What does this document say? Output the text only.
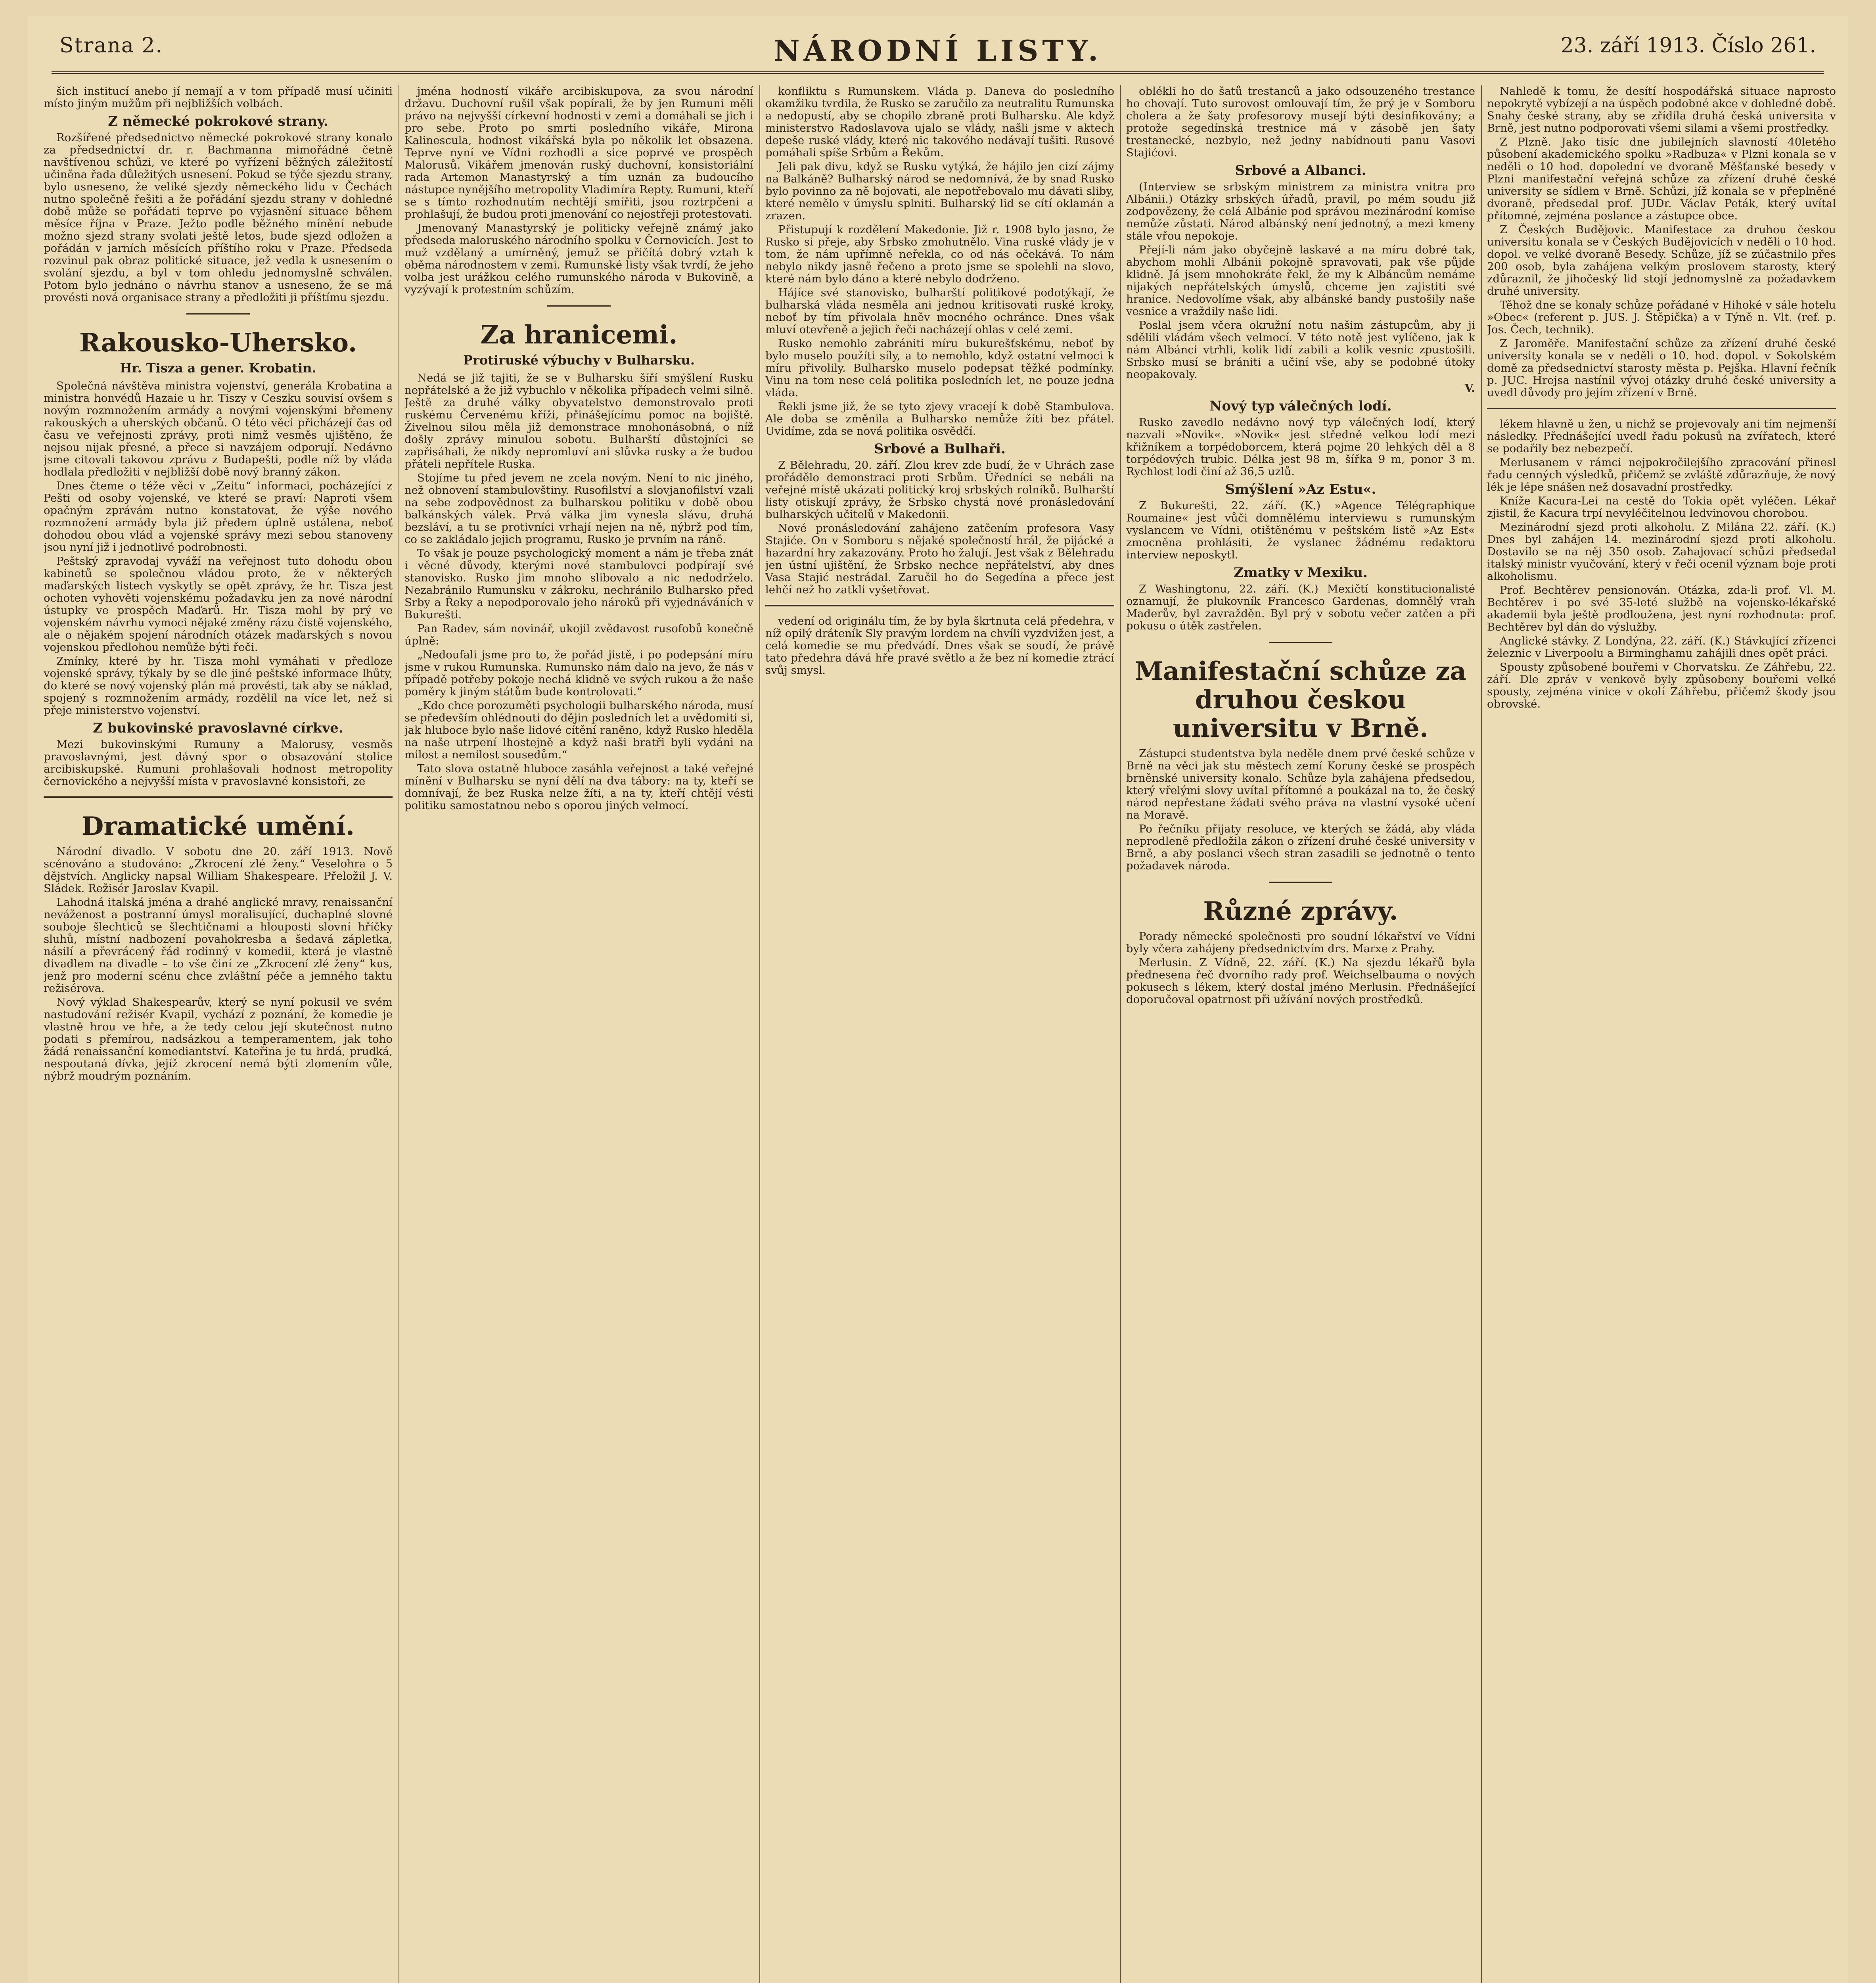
Strana 2.	NÁRODNÍ LISTY.	23. září 1913. Číslo 261.

šich institucí anebo jí nemají a v tom případě musí učiniti místo jiným mužům při nejbližších volbách.

Z německé pokrokové strany.

Rozšířené předsednictvo německé pokrokové strany konalo za předsednictví dr. r. Bachmanna mimořádné četně navštívenou schůzi, ve které po vyřízení běžných záležitostí učiněna řada důležitých usnesení. Pokud se týče sjezdu strany, bylo usneseno, že veliké sjezdy německého lidu v Čechách nutno společně řešiti a že pořádání sjezdu strany v dohledné době může se pořádati teprve po vyjasnění situace během měsíce října v Praze. Ježto podle běžného mínění nebude možno sjezd strany svolati ještě letos, bude sjezd odložen a pořádán v jarních měsících příštího roku v Praze. Předseda rozvinul pak obraz politické situace, jež vedla k usnesením o svolání sjezdu, a byl v tom ohledu jednomyslně schválen. Potom bylo jednáno o návrhu stanov a usneseno, že se má provésti nová organisace strany a předložiti ji příštímu sjezdu.

Rakousko-Uhersko.
Hr. Tisza a gener. Krobatin.

Společná návštěva ministra vojenství, generála Krobatina a ministra honvédů Hazaie u hr. Tiszy v Ceszku souvisí ovšem s novým rozmnožením armády a novými vojenskými břemeny rakouských a uherských občanů. O této věci přicházejí čas od času ve veřejnosti zprávy, proti nimž vesměs ujištěno, že nejsou nijak přesné, a přece si navzájem odporují. Nedávno jsme citovali takovou zprávu z Budapešti, podle níž by vláda hodlala předložiti v nejbližší době nový branný zákon.

Dnes čteme o téže věci v „Zeitu“ informaci, pocházející z Pešti od osoby vojenské, ve které se praví: Naproti všem opačným zprávám nutno konstatovat, že výše nového rozmnožení armády byla již předem úplně ustálena, neboť dohodou obou vlád a vojenské správy mezi sebou stanoveny jsou nyní již i jednotlivé podrobnosti.

Peštský zpravodaj vyváží na veřejnost tuto dohodu obou kabinetů se společnou vládou proto, že v některých maďarských listech vyskytly se opět zprávy, že hr. Tisza jest ochoten vyhověti vojenskému požadavku jen za nové národní ústupky ve prospěch Maďarů. Hr. Tisza mohl by prý ve vojenském návrhu vymoci nějaké změny rázu čistě vojenského, ale o nějakém spojení národních otázek maďarských s novou vojenskou předlohou nemůže býti řeči.

Zmínky, které by hr. Tisza mohl vymáhati v předloze vojenské správy, týkaly by se dle jiné peštské informace lhůty, do které se nový vojenský plán má provésti, tak aby se náklad, spojený s rozmnožením armády, rozdělil na více let, než si přeje ministerstvo vojenství.

Z bukovinské pravoslavné církve.

Mezi bukovinskými Rumuny a Malorusy, vesměs pravoslavnými, jest dávný spor o obsazování stolice arcibiskupské. Rumuni prohlašovali hodnost metropolity černovického a nejvyšší místa v pravoslavné konsistoři, ze

Dramatické umění.

Národní divadlo. V sobotu dne 20. září 1913. Nově scénováno a studováno: „Zkrocení zlé ženy.“ Veselohra o 5 dějstvích. Anglicky napsal William Shakespeare. Přeložil J. V. Sládek. Režisér Jaroslav Kvapil.

Lahodná italská jména a drahé anglické mravy, renaissanční neváženost a postranní úmysl moralisující, duchaplné slovné souboje šlechticů se šlechtičnami a hlouposti slovní hříčky sluhů, místní nadbození povahokresba a šedavá zápletka, násilí a převrácený řád rodinný v komedii, která je vlastně divadlem na divadle – to vše činí ze „Zkrocení zlé ženy“ kus, jenž pro moderní scénu chce zvláštní péče a jemného taktu režisérova.

Nový výklad Shakespearův, který se nyní pokusil ve svém nastudování režisér Kvapil, vychází z poznání, že komedie je vlastně hrou ve hře, a že tedy celou její skutečnost nutno podati s přemírou, nadsázkou a temperamentem, jak toho žádá renaissanční komediantství. Kateřina je tu hrdá, prudká, nespoutaná dívka, jejíž zkrocení nemá býti zlomením vůle, nýbrž moudrým poznáním.

jména hodností vikáře arcibiskupova, za svou národní državu. Duchovní rušil však popírali, že by jen Rumuni měli právo na nejvyšší církevní hodnosti v zemi a domáhali se jich i pro sebe. Proto po smrti posledního vikáře, Mirona Kalinescula, hodnost vikářská byla po několik let obsazena. Teprve nyní ve Vídni rozhodli a sice poprvé ve prospěch Malorusů. Vikářem jmenován ruský duchovní, konsistoriální rada Artemon Manastyrský a tím uznán za budoucího nástupce nynějšího metropolity Vladimíra Repty. Rumuni, kteří se s tímto rozhodnutím nechtějí smířiti, jsou roztrpčeni a prohlašují, že budou proti jmenování co nejostřeji protestovati.

Jmenovaný Manastyrský je politicky veřejně známý jako předseda maloruského národního spolku v Černovicích. Jest to muž vzdělaný a umírněný, jemuž se přičítá dobrý vztah k oběma národnostem v zemi. Rumunské listy však tvrdí, že jeho volba jest urážkou celého rumunského národa v Bukovině, a vyzývají k protestním schůzím.

Za hranicemi.
Protiruské výbuchy v Bulharsku.

Nedá se již tajiti, že se v Bulharsku šíří smýšlení Rusku nepřátelské a že již vybuchlo v několika případech velmi silně. Ještě za druhé války obyvatelstvo demonstrovalo proti ruskému Červenému kříži, přinášejícímu pomoc na bojiště. Živelnou silou měla již demonstrace mnohonásobná, o níž došly zprávy minulou sobotu. Bulharští důstojníci se zapřisáhali, že nikdy nepromluví ani slůvka rusky a že budou přáteli nepřítele Ruska.

Stojíme tu před jevem ne zcela novým. Není to nic jiného, než obnovení stambulovštiny. Rusofilství a slovjanofilství vzali na sebe zodpovědnost za bulharskou politiku v době obou balkánských válek. Prvá válka jim vynesla slávu, druhá bezsláví, a tu se protivníci vrhají nejen na ně, nýbrž pod tím, co se zakládalo jejich programu, Rusko je prvním na ráně.

To však je pouze psychologický moment a nám je třeba znát i věcné důvody, kterými nové stambulovci podpírají své stanovisko. Rusko jim mnoho slibovalo a nic nedodrželo. Nezabránilo Rumunsku v zákroku, nechránilo Bulharsko před Srby a Řeky a nepodporovalo jeho nároků při vyjednáváních v Bukurešti.

Pan Radev, sám novinář, ukojil zvědavost rusofobů konečně úplně:

„Nedoufali jsme pro to, že pořád jistě, i po podepsání míru jsme v rukou Rumunska. Rumunsko nám dalo na jevo, že nás v případě potřeby pokoje nechá klidně ve svých rukou a že naše poměry k jiným státům bude kontrolovati.“

„Kdo chce porozuměti psychologii bulharského národa, musí se především ohlédnouti do dějin posledních let a uvědomiti si, jak hluboce bylo naše lidové cítění raněno, když Rusko hleděla na naše utrpení lhostejně a když naši bratři byli vydáni na milost a nemilost sousedům.“

Tato slova ostatně hluboce zasáhla veřejnost a také veřejné mínění v Bulharsku se nyní dělí na dva tábory: na ty, kteří se domnívají, že bez Ruska nelze žíti, a na ty, kteří chtějí vésti politiku samostatnou nebo s oporou jiných velmocí.

konfliktu s Rumunskem. Vláda p. Daneva do posledního okamžiku tvrdila, že Rusko se zaručilo za neutralitu Rumunska a nedopustí, aby se chopilo zbraně proti Bulharsku. Ale když ministerstvo Radoslavova ujalo se vlády, našli jsme v aktech depeše ruské vlády, které nic takového nedávají tušiti. Rusové pomáhali spíše Srbům a Řekům.

Jeli pak divu, když se Rusku vytýká, že hájilo jen cizí zájmy na Balkáně? Bulharský národ se nedomnívá, že by snad Rusko bylo povinno za ně bojovati, ale nepotřebovalo mu dávati sliby, které nemělo v úmyslu splniti. Bulharský lid se cítí oklamán a zrazen.

Přistupují k rozdělení Makedonie. Již r. 1908 bylo jasno, že Rusko si přeje, aby Srbsko zmohutnělo. Vina ruské vlády je v tom, že nám upřímně neřekla, co od nás očekává. To nám nebylo nikdy jasně řečeno a proto jsme se spolehli na slovo, které nám bylo dáno a které nebylo dodrženo.

Hájíce své stanovisko, bulharští politikové podotýkají, že bulharská vláda nesměla ani jednou kritisovati ruské kroky, neboť by tím přivolala hněv mocného ochránce. Dnes však mluví otevřeně a jejich řeči nacházejí ohlas v celé zemi.

Rusko nemohlo zabrániti míru bukurešťskému, neboť by bylo muselo použíti síly, a to nemohlo, když ostatní velmoci k míru přivolily. Bulharsko muselo podepsat těžké podmínky. Vinu na tom nese celá politika posledních let, ne pouze jedna vláda.

Řekli jsme již, že se tyto zjevy vracejí k době Stambulova. Ale doba se změnila a Bulharsko nemůže žíti bez přátel. Uvidíme, zda se nová politika osvědčí.

Srbové a Bulhaři.

Z Bělehradu, 20. září. Zlou krev zde budí, že v Uhrách zase prořádělo demonstraci proti Srbům. Úředníci se nebáli na veřejné místě ukázati politický kroj srbských rolníků. Bulharští listy otiskují zprávy, že Srbsko chystá nové pronásledování bulharských učitelů v Makedonii.

Nové pronásledování zahájeno zatčením profesora Vasy Stajiće. On v Somboru s nějaké společností hrál, že pijácké a hazardní hry zakazovány. Proto ho žalují. Jest však z Bělehradu jen ústní ujištění, že Srbsko nechce nepřátelství, aby dnes Vasa Stajić nestrádal. Zaručil ho do Segedína a přece jest lehčí než ho zatkli vyšetřovat.

vedení od originálu tím, že by byla škrtnuta celá předehra, v níž opilý dráteník Sly pravým lordem na chvíli vyzdvižen jest, a celá komedie se mu předvádí. Dnes však se soudí, že právě tato předehra dává hře pravé světlo a že bez ní komedie ztrácí svůj smysl.

oblékli ho do šatů trestanců a jako odsouzeného trestance ho chovají. Tuto surovost omlouvají tím, že prý je v Somboru cholera a že šaty profesorovy musejí býti desinfikovány; a protože segedínská trestnice má v zásobě jen šaty trestanecké, nezbylo, než jedny nabídnouti panu Vasovi Stajićovi.

Srbové a Albanci.

(Interview se srbským ministrem za ministra vnitra pro Albánii.) Otázky srbských úřadů, pravil, po mém soudu již zodpovězeny, že celá Albánie pod správou mezinárodní komise nemůže zůstati. Národ albánský není jednotný, a mezi kmeny stále vřou nepokoje.

Přejí-li nám jako obyčejně laskavé a na míru dobré tak, abychom mohli Albánii pokojně spravovati, pak vše půjde klidně. Já jsem mnohokráte řekl, že my k Albáncům nemáme nijakých nepřátelských úmyslů, chceme jen zajistiti své hranice. Nedovolíme však, aby albánské bandy pustošily naše vesnice a vraždily naše lidi.

Poslal jsem včera okružní notu našim zástupcům, aby ji sdělili vládám všech velmocí. V této notě jest vylíčeno, jak k nám Albánci vtrhli, kolik lidí zabili a kolik vesnic zpustošili. Srbsko musí se brániti a učiní vše, aby se podobné útoky neopakovaly.

V.

Nový typ válečných lodí.

Rusko zavedlo nedávno nový typ válečných lodí, který nazvali »Novik«. »Novik« jest středně velkou lodí mezi křižníkem a torpédoborcem, která pojme 20 lehkých děl a 8 torpédových trubic. Délka jest 98 m, šířka 9 m, ponor 3 m. Rychlost lodi činí až 36,5 uzlů.

Smýšlení »Az Estu«.

Z Bukurešti, 22. září. (K.) »Agence Télégraphique Roumaine« jest vůči domnělému interviewu s rumunským vyslancem ve Vídni, otištěnému v peštském listě »Az Est« zmocněna prohlásiti, že vyslanec žádnému redaktoru interview neposkytl.

Zmatky v Mexiku.

Z Washingtonu, 22. září. (K.) Mexičtí konstitucionalisté oznamují, že plukovník Francesco Gardenas, domnělý vrah Maderův, byl zavražděn. Byl prý v sobotu večer zatčen a při pokusu o útěk zastřelen.

Manifestační schůze za druhou českou universitu v Brně.

Zástupci studentstva byla neděle dnem prvé české schůze v Brně na věci jak stu městech zemí Koruny české se prospěch brněnské university konalo. Schůze byla zahájena předsedou, který vřelými slovy uvítal přítomné a poukázal na to, že český národ nepřestane žádati svého práva na vlastní vysoké učení na Moravě.

Po řečníku přijaty resoluce, ve kterých se žádá, aby vláda neprodleně předložila zákon o zřízení druhé české university v Brně, a aby poslanci všech stran zasadili se jednotně o tento požadavek národa.

Různé zprávy.

Porady německé společnosti pro soudní lékařství ve Vídni byly včera zahájeny předsednictvím drs. Marxe z Prahy.

Merlusin. Z Vídně, 22. září. (K.) Na sjezdu lékařů byla přednesena řeč dvorního rady prof. Weichselbauma o nových pokusech s lékem, který dostal jméno Merlusin. Přednášející doporučoval opatrnost při užívání nových prostředků.

Nahledě k tomu, že desítí hospodářská situace naprosto nepokrytě vybízejí a na úspěch podobné akce v dohledné době. Snahy české strany, aby se zřídila druhá česká universita v Brně, jest nutno podporovati všemi silami a všemi prostředky.

Z Plzně. Jako tisíc dne jubilejních slavností 40letého působení akademického spolku »Radbuza« v Plzni konala se v neděli o 10 hod. dopolední ve dvoraně Měšťanské besedy v Plzni manifestační veřejná schůze za zřízení druhé české university se sídlem v Brně. Schůzi, jíž konala se v přeplněné dvoraně, předsedal prof. JUDr. Václav Peták, který uvítal přítomné, zejména poslance a zástupce obce.

Z Českých Budějovic. Manifestace za druhou českou universitu konala se v Českých Budějovicích v neděli o 10 hod. dopol. ve velké dvoraně Besedy. Schůze, jíž se zúčastnilo přes 200 osob, byla zahájena velkým proslovem starosty, který zdůraznil, že jihočeský lid stojí jednomyslně za požadavkem druhé university.

Těhož dne se konaly schůze pořádané v Hihoké v sále hotelu »Obec« (referent p. JUS. J. Štěpička) a v Týně n. Vlt. (ref. p. Jos. Čech, technik).

Z Jaroměře. Manifestační schůze za zřízení druhé české university konala se v neděli o 10. hod. dopol. v Sokolském domě za předsednictví starosty města p. Pejška. Hlavní řečník p. JUC. Hrejsa nastínil vývoj otázky druhé české university a uvedl důvody pro jejím zřízení v Brně.

lékem hlavně u žen, u nichž se projevovaly ani tím nejmenší následky. Přednášející uvedl řadu pokusů na zvířatech, které se podařily bez nebezpečí.

Merlusanem v rámci nejpokročilejšího zpracování přinesl řadu cenných výsledků, přičemž se zvláště zdůrazňuje, že nový lék je lépe snášen než dosavadní prostředky.

Kníže Kacura-Lei na cestě do Tokia opět vyléčen. Lékař zjistil, že Kacura trpí nevyléčitelnou ledvinovou chorobou.

Mezinárodní sjezd proti alkoholu. Z Milána 22. září. (K.) Dnes byl zahájen 14. mezinárodní sjezd proti alkoholu. Dostavilo se na něj 350 osob. Zahajovací schůzi předsedal italský ministr vyučování, který v řeči ocenil význam boje proti alkoholismu.

Prof. Bechtěrev pensionován. Otázka, zda-li prof. Vl. M. Bechtěrev i po své 35-leté službě na vojensko-lékařské akademii byla ještě prodloužena, jest nyní rozhodnuta: prof. Bechtěrev byl dán do výslužby.

Anglické stávky. Z Londýna, 22. září. (K.) Stávkující zřízenci železnic v Liverpoolu a Birminghamu zahájili dnes opět práci.

Spousty způsobené bouřemi v Chorvatsku. Ze Záhřebu, 22. září. Dle zpráv v venkově byly způsobeny bouřemi velké spousty, zejména vinice v okolí Záhřebu, přičemž škody jsou obrovské.
